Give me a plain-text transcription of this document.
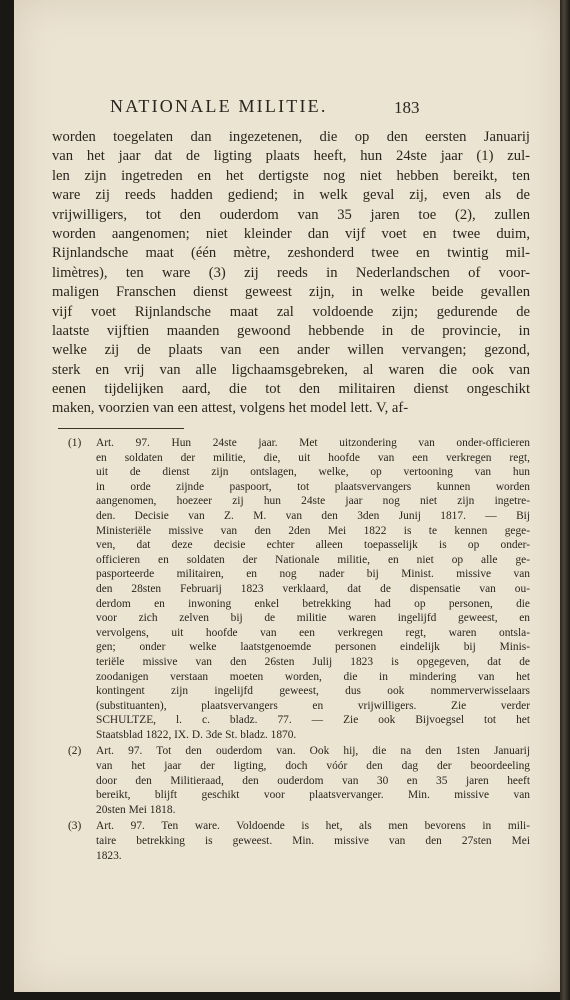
NATIONALE MILITIE.	183
worden toegelaten dan ingezetenen, die op den eersten Januarij
van het jaar dat de ligting plaats heeft, hun 24ste jaar (1) zul-
len zijn ingetreden en het dertigste nog niet hebben bereikt, ten
ware zij reeds hadden gediend; in welk geval zij, even als de
vrijwilligers, tot den ouderdom van 35 jaren toe (2), zullen
worden aangenomen; niet kleinder dan vijf voet en twee duim,
Rijnlandsche maat (één mètre, zeshonderd twee en twintig mil-
limètres), ten ware (3) zij reeds in Nederlandschen of voor-
maligen Franschen dienst geweest zijn, in welke beide gevallen
vijf voet Rijnlandsche maat zal voldoende zijn; gedurende de
laatste vijftien maanden gewoond hebbende in de provincie, in
welke zij de plaats van een ander willen vervangen; gezond,
sterk en vrij van alle ligchaamsgebreken, al waren die ook van
eenen tijdelijken aard, die tot den militairen dienst ongeschikt
maken, voorzien van een attest, volgens het model lett. V, af-
(1)	Art. 97. Hun 24ste jaar. Met uitzondering van onder-officieren
en soldaten der militie, die, uit hoofde van een verkregen regt,
uit de dienst zijn ontslagen, welke, op vertooning van hun
in orde zijnde paspoort, tot plaatsvervangers kunnen worden
aangenomen, hoezeer zij hun 24ste jaar nog niet zijn ingetre-
den. Decisie van Z. M. van den 3den Junij 1817. — Bij
Ministeriële missive van den 2den Mei 1822 is te kennen gege-
ven, dat deze decisie echter alleen toepasselijk is op onder-
officieren en soldaten der Nationale militie, en niet op alle ge-
pasporteerde militairen, en nog nader bij Minist. missive van
den 28sten Februarij 1823 verklaard, dat de dispensatie van ou-
derdom en inwoning enkel betrekking had op personen, die
voor zich zelven bij de militie waren ingelijfd geweest, en
vervolgens, uit hoofde van een verkregen regt, waren ontsla-
gen; onder welke laatstgenoemde personen eindelijk bij Minis-
teriële missive van den 26sten Julij 1823 is opgegeven, dat de
zoodanigen verstaan moeten worden, die in mindering van het
kontingent zijn ingelijfd geweest, dus ook nommerverwisselaars
(substituanten), plaatsvervangers en vrijwilligers. Zie verder
SCHULTZE, l. c. bladz. 77. — Zie ook Bijvoegsel tot het
Staatsblad 1822, IX. D. 3de St. bladz. 1870.
(2)	Art. 97. Tot den ouderdom van. Ook hij, die na den 1sten Januarij
van het jaar der ligting, doch vóór den dag der beoordeeling
door den Militieraad, den ouderdom van 30 en 35 jaren heeft
bereikt, blijft geschikt voor plaatsvervanger. Min. missive van
20sten Mei 1818.
(3)	Art. 97. Ten ware. Voldoende is het, als men bevorens in mili-
taire betrekking is geweest. Min. missive van den 27sten Mei
1823.
